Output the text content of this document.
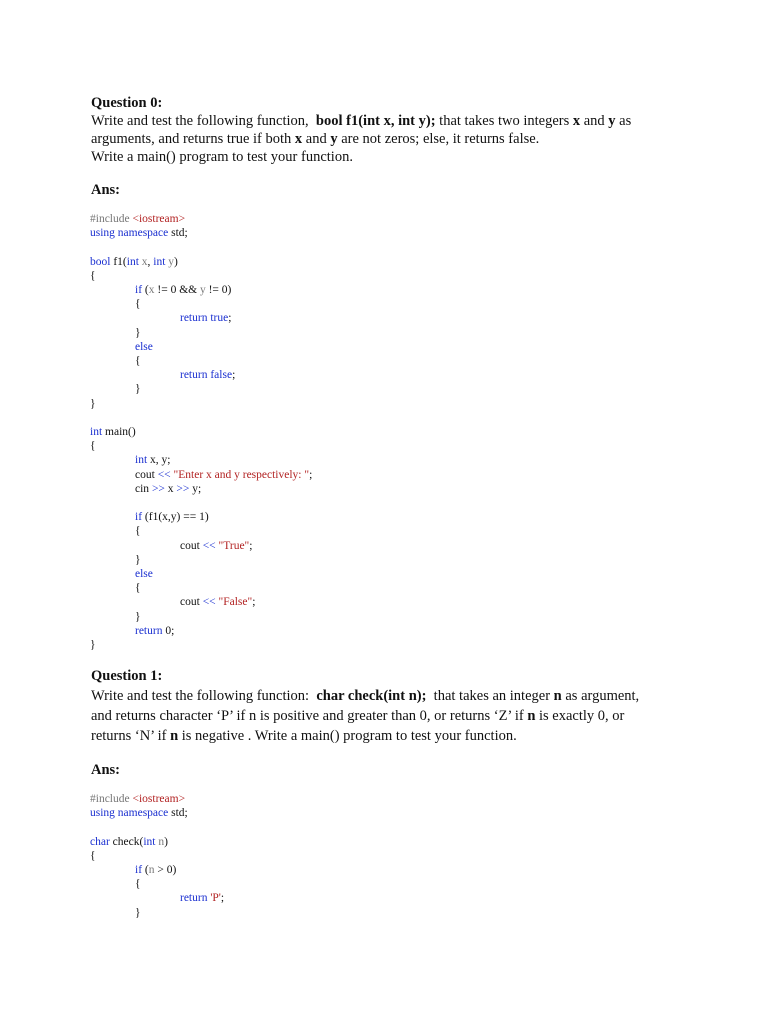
Question 0:
Write and test the following function, bool f1(int x, int y); that takes two integers x and y as
arguments, and returns true if both x and y are not zeros; else, it returns false.
Write a main() program to test your function.
Ans:
#include <iostream>
using namespace std;

bool f1(int x, int y)
{
if (x != 0 && y != 0)
{
return true;
}
else
{
return false;
}
}

int main()
{
int x, y;
cout << "Enter x and y respectively: ";
cin >> x >> y;

if (f1(x,y) == 1)
{
cout << "True";
}
else
{
cout << "False";
}
return 0;
}
Question 1:
Write and test the following function: char check(int n); that takes an integer n as argument,
and returns character ‘P’ if n is positive and greater than 0, or returns ‘Z’ if n is exactly 0, or
returns ‘N’ if n is negative . Write a main() program to test your function.
Ans:
#include <iostream>
using namespace std;

char check(int n)
{
if (n > 0)
{
return 'P';
}
